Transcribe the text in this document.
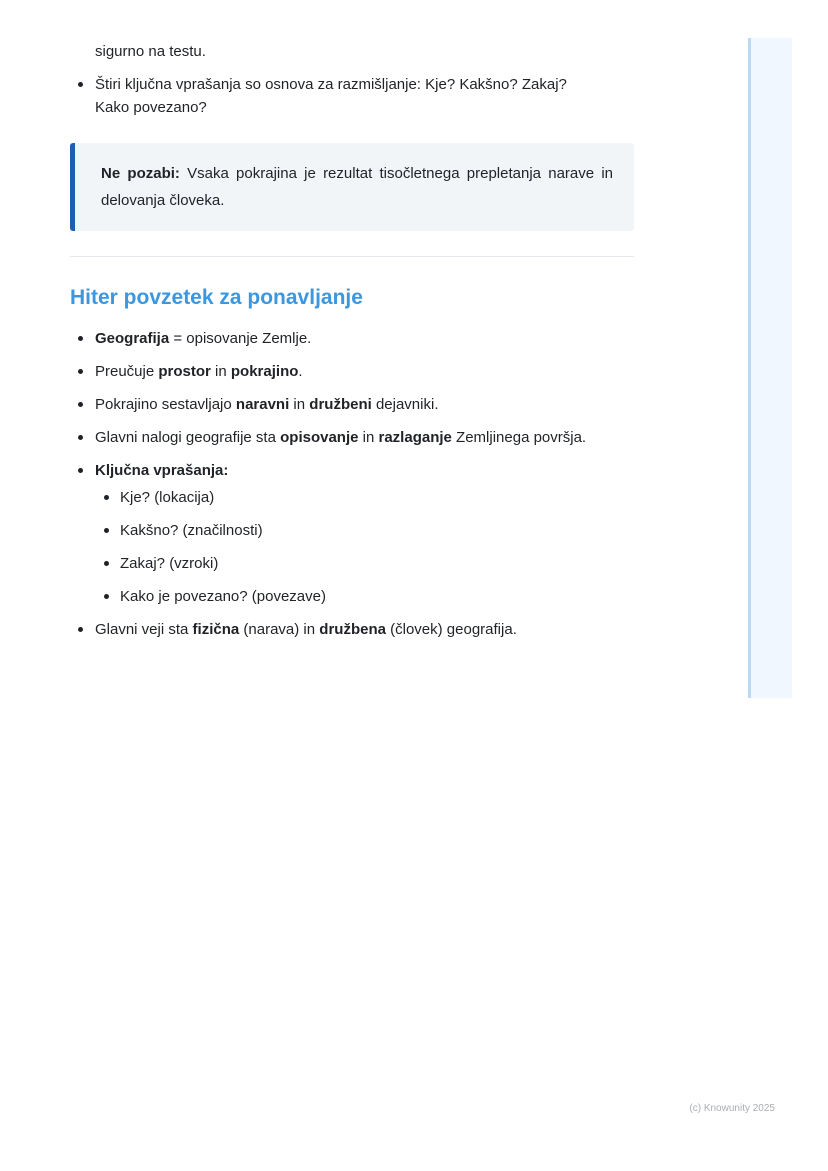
sigurno na testu.
Štiri ključna vprašanja so osnova za razmišljanje: Kje? Kakšno? Zakaj?
Kako povezano?

Ne pozabi: Vsaka pokrajina je rezultat tisočletnega prepletanja narave in delovanja človeka.

Hiter povzetek za ponavljanje
Geografija = opisovanje Zemlje.
Preučuje prostor in pokrajino.
Pokrajino sestavljajo naravni in družbeni dejavniki.
Glavni nalogi geografije sta opisovanje in razlaganje Zemljinega površja.
Ključna vprašanja:
Kje? (lokacija)
Kakšno? (značilnosti)
Zakaj? (vzroki)
Kako je povezano? (povezave)
Glavni veji sta fizična (narava) in družbena (človek) geografija.
(c) Knowunity 2025
